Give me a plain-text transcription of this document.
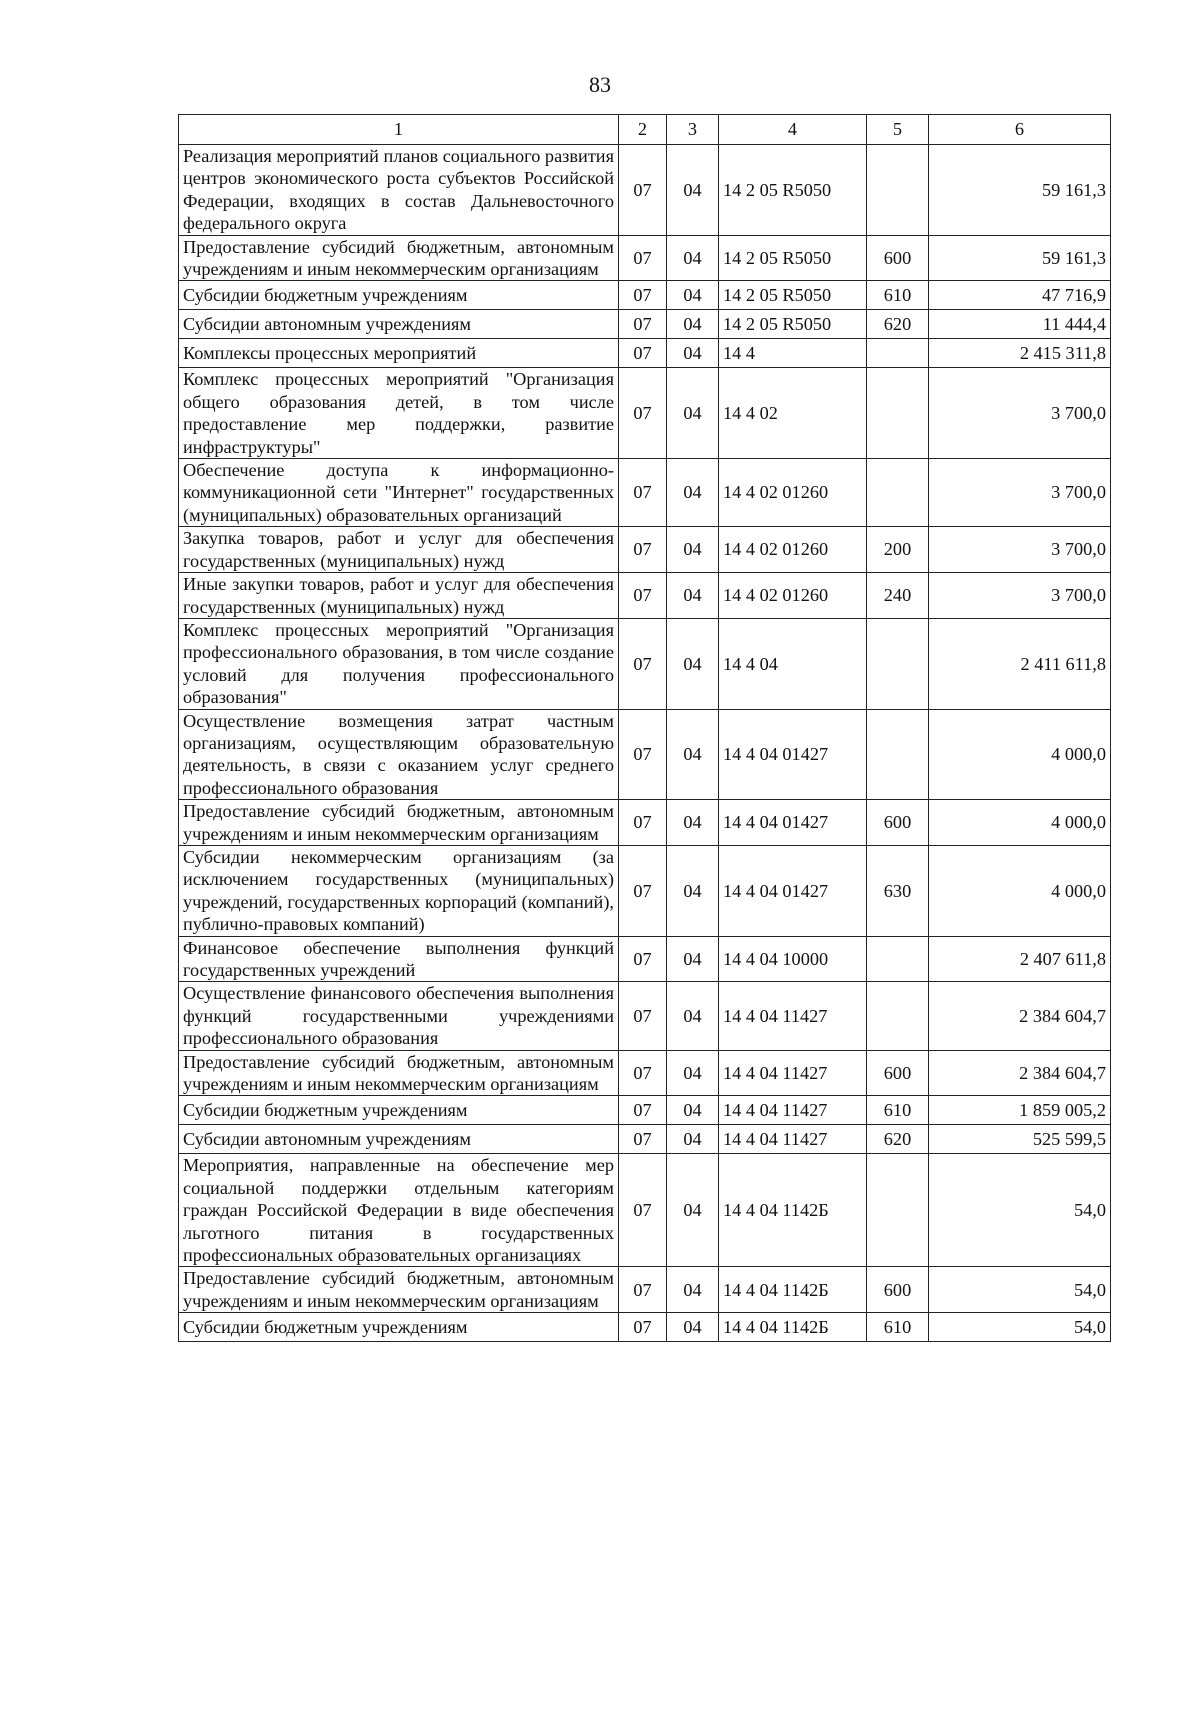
83
1	2	3	4	5	6
Реализация мероприятий планов социального развития центров экономического роста субъектов Российской Федерации, входящих в состав Дальневосточного федерального округа	07	04	14 2 05 R5050		59 161,3
Предоставление субсидий бюджетным, автономным учреждениям и иным некоммерческим организациям	07	04	14 2 05 R5050	600	59 161,3
Субсидии бюджетным учреждениям	07	04	14 2 05 R5050	610	47 716,9
Субсидии автономным учреждениям	07	04	14 2 05 R5050	620	11 444,4
Комплексы процессных мероприятий	07	04	14 4		2 415 311,8
Комплекс процессных мероприятий "Организация общего образования детей, в том числе предоставление мер поддержки, развитие инфраструктуры"	07	04	14 4 02		3 700,0
Обеспечение доступа к информационно-коммуникационной сети "Интернет" государственных (муниципальных) образовательных организаций	07	04	14 4 02 01260		3 700,0
Закупка товаров, работ и услуг для обеспечения государственных (муниципальных) нужд	07	04	14 4 02 01260	200	3 700,0
Иные закупки товаров, работ и услуг для обеспечения государственных (муниципальных) нужд	07	04	14 4 02 01260	240	3 700,0
Комплекс процессных мероприятий "Организация профессионального образования, в том числе создание условий для получения профессионального образования"	07	04	14 4 04		2 411 611,8
Осуществление возмещения затрат частным организациям, осуществляющим образовательную деятельность, в связи с оказанием услуг среднего профессионального образования	07	04	14 4 04 01427		4 000,0
Предоставление субсидий бюджетным, автономным учреждениям и иным некоммерческим организациям	07	04	14 4 04 01427	600	4 000,0
Субсидии некоммерческим организациям (за исключением государственных (муниципальных) учреждений, государственных корпораций (компаний), публично-правовых компаний)	07	04	14 4 04 01427	630	4 000,0
Финансовое обеспечение выполнения функций государственных учреждений	07	04	14 4 04 10000		2 407 611,8
Осуществление финансового обеспечения выполнения функций государственными учреждениями профессионального образования	07	04	14 4 04 11427		2 384 604,7
Предоставление субсидий бюджетным, автономным учреждениям и иным некоммерческим организациям	07	04	14 4 04 11427	600	2 384 604,7
Субсидии бюджетным учреждениям	07	04	14 4 04 11427	610	1 859 005,2
Субсидии автономным учреждениям	07	04	14 4 04 11427	620	525 599,5
Мероприятия, направленные на обеспечение мер социальной поддержки отдельным категориям граждан Российской Федерации в виде обеспечения льготного питания в государственных профессиональных образовательных организациях	07	04	14 4 04 1142Б		54,0
Предоставление субсидий бюджетным, автономным учреждениям и иным некоммерческим организациям	07	04	14 4 04 1142Б	600	54,0
Субсидии бюджетным учреждениям	07	04	14 4 04 1142Б	610	54,0
